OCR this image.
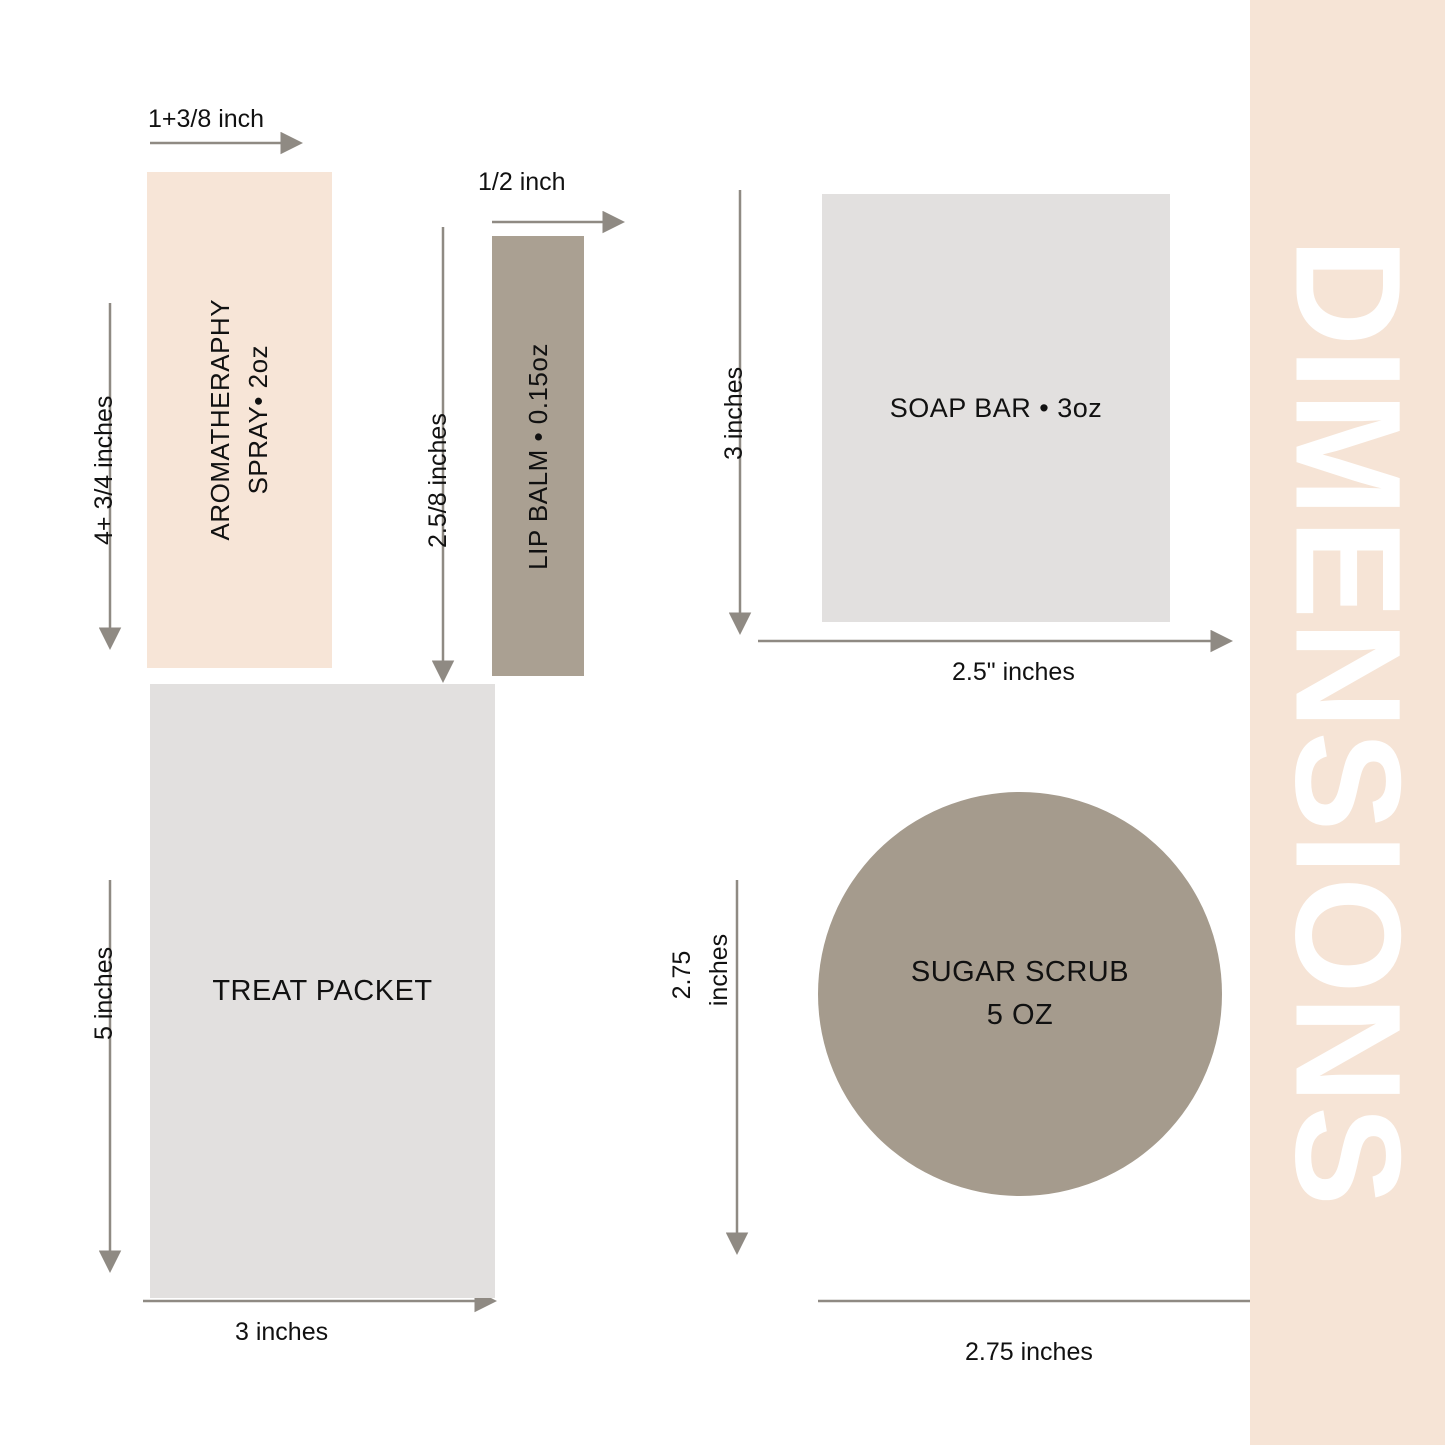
AROMATHERAPHY SPRAY• 2oz	LIP BALM • 0.15oz	SOAP BAR • 3oz
TREAT PACKET
SUGAR SCRUB
5 OZ
1+3/8 inch
4+ 3/4 inches
1/2 inch
2.5/8 inches	3 inches
2.5" inches
5 inches
3 inches
2.75 inches
2.75 inches
DIMENSIONS
